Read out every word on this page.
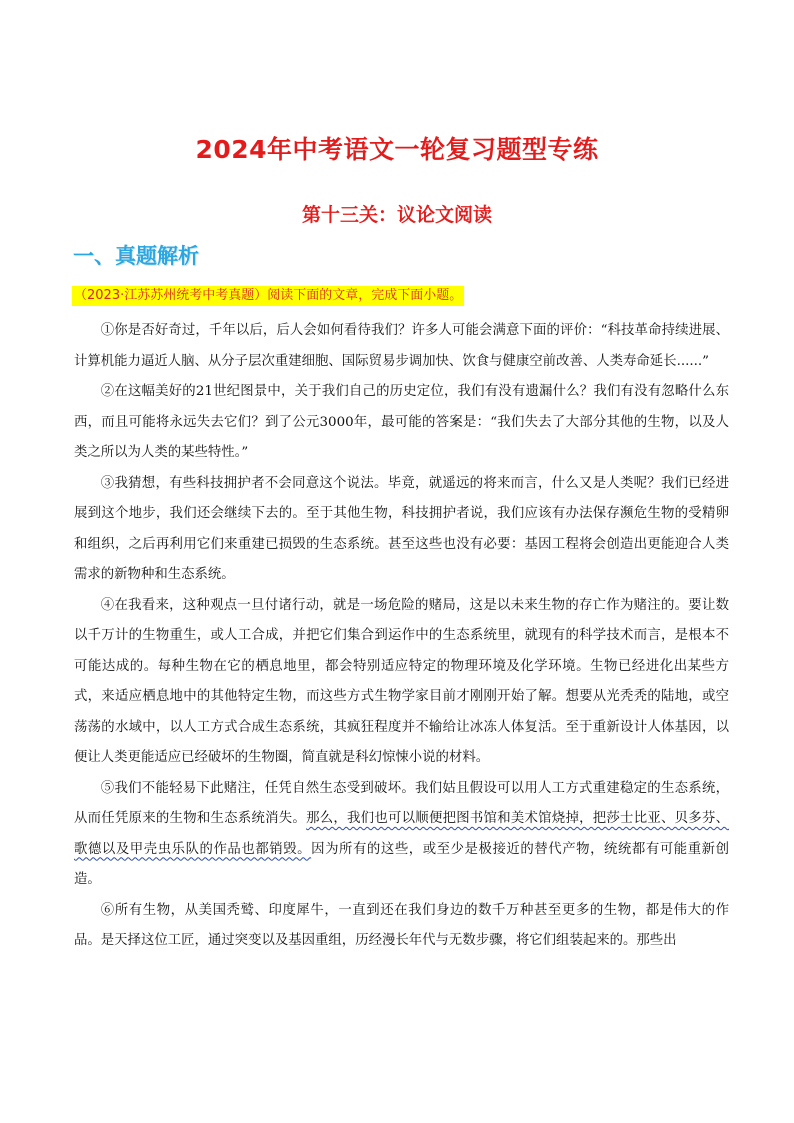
2024年中考语文一轮复习题型专练
第十三关：议论文阅读
一、真题解析
（2023·江苏苏州统考中考真题）阅读下面的文章，完成下面小题。

①你是否好奇过，千年以后，后人会如何看待我们？许多人可能会满意下面的评价：“科技革命持续进展、计算机能力逼近人脑、从分子层次重建细胞、国际贸易步调加快、饮食与健康空前改善、人类寿命延长......”

②在这幅美好的21世纪图景中，关于我们自己的历史定位，我们有没有遗漏什么？我们有没有忽略什么东西，而且可能将永远失去它们？到了公元3000年，最可能的答案是：“我们失去了大部分其他的生物，以及人类之所以为人类的某些特性。”

③我猜想，有些科技拥护者不会同意这个说法。毕竟，就遥远的将来而言，什么又是人类呢？我们已经进展到这个地步，我们还会继续下去的。至于其他生物，科技拥护者说，我们应该有办法保存濒危生物的受精卵和组织，之后再利用它们来重建已损毁的生态系统。甚至这些也没有必要：基因工程将会创造出更能迎合人类需求的新物种和生态系统。

④在我看来，这种观点一旦付诸行动，就是一场危险的赌局，这是以未来生物的存亡作为赌注的。要让数以千万计的生物重生，或人工合成，并把它们集合到运作中的生态系统里，就现有的科学技术而言，是根本不可能达成的。每种生物在它的栖息地里，都会特别适应特定的物理环境及化学环境。生物已经进化出某些方式，来适应栖息地中的其他特定生物，而这些方式生物学家目前才刚刚开始了解。想要从光秃秃的陆地，或空荡荡的水域中，以人工方式合成生态系统，其疯狂程度并不输给让冰冻人体复活。至于重新设计人体基因，以便让人类更能适应已经破坏的生物圈，简直就是科幻惊悚小说的材料。

⑤我们不能轻易下此赌注，任凭自然生态受到破坏。我们姑且假设可以用人工方式重建稳定的生态系统，从而任凭原来的生物和生态系统消失。那么，我们也可以顺便把图书馆和美术馆烧掉，把莎士比亚、贝多芬、歌德以及甲壳虫乐队的作品也都销毁。因为所有的这些，或至少是极接近的替代产物，统统都有可能重新创造。

⑥所有生物，从美国秃鹫、印度犀牛，一直到还在我们身边的数千万种甚至更多的生物，都是伟大的作品。是天择这位工匠，通过突变以及基因重组，历经漫长年代与无数步骤，将它们组装起来的。那些出
